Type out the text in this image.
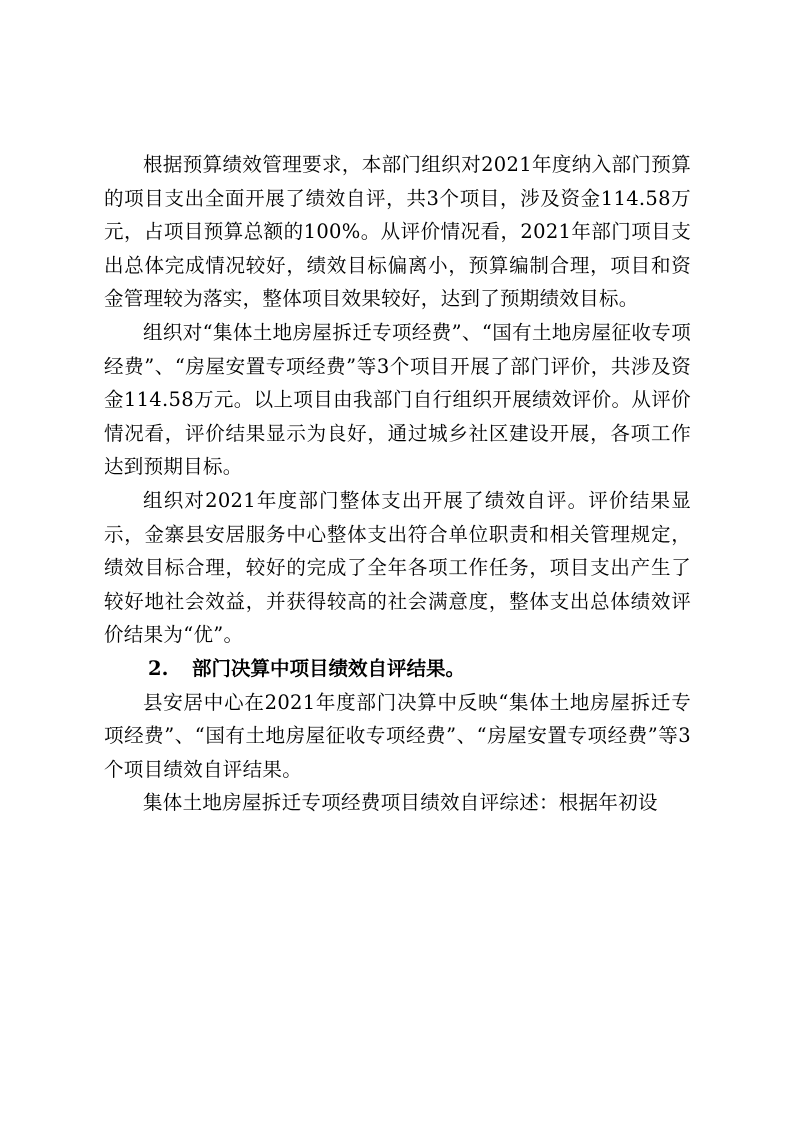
根据预算绩效管理要求，本部门组织对2021年度纳入部门预算的项目支出全面开展了绩效自评，共3个项目，涉及资金114.58万元，占项目预算总额的100%。从评价情况看，2021年部门项目支出总体完成情况较好，绩效目标偏离小，预算编制合理，项目和资金管理较为落实，整体项目效果较好，达到了预期绩效目标。

组织对“集体土地房屋拆迁专项经费”、“国有土地房屋征收专项经费”、“房屋安置专项经费”等3个项目开展了部门评价，共涉及资金114.58万元。以上项目由我部门自行组织开展绩效评价。从评价情况看，评价结果显示为良好，通过城乡社区建设开展，各项工作达到预期目标。

组织对2021年度部门整体支出开展了绩效自评。评价结果显示，金寨县安居服务中心整体支出符合单位职责和相关管理规定，绩效目标合理，较好的完成了全年各项工作任务，项目支出产生了较好地社会效益，并获得较高的社会满意度，整体支出总体绩效评价结果为“优”。

2. 部门决算中项目绩效自评结果。

县安居中心在2021年度部门决算中反映“集体土地房屋拆迁专项经费”、“国有土地房屋征收专项经费”、“房屋安置专项经费”等3个项目绩效自评结果。

集体土地房屋拆迁专项经费项目绩效自评综述：根据年初设
